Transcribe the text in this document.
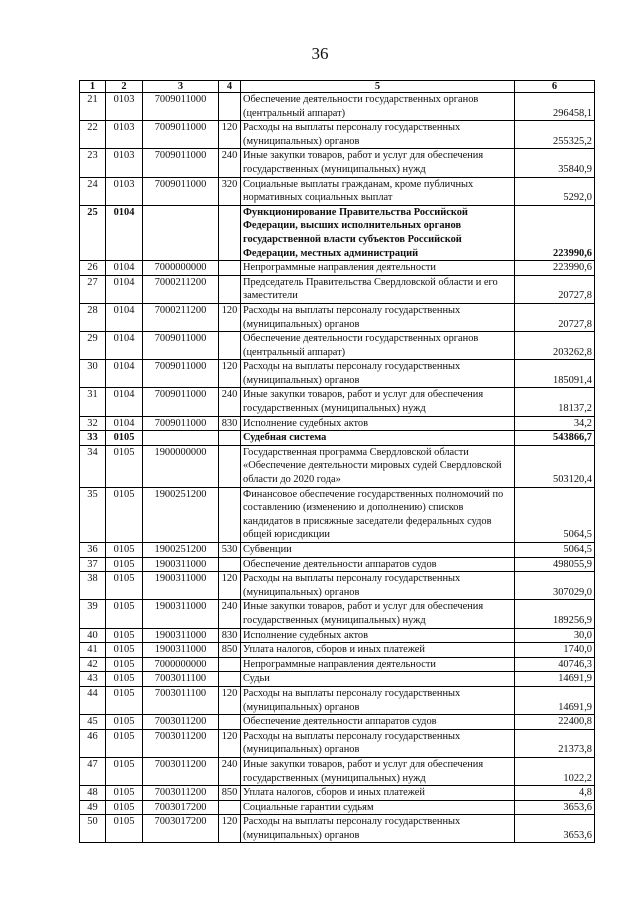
36
1	2	3	4	5	6
21	0103	7009011000		Обеспечение деятельности государственных органов (центральный аппарат)	296458,1
22	0103	7009011000	120	Расходы на выплаты персоналу государственных (муниципальных) органов	255325,2
23	0103	7009011000	240	Иные закупки товаров, работ и услуг для обеспечения государственных (муниципальных) нужд	35840,9
24	0103	7009011000	320	Социальные выплаты гражданам, кроме публичных нормативных социальных выплат	5292,0
25	0104			Функционирование Правительства Российской Федерации, высших исполнительных органов государственной власти субъектов Российской Федерации, местных администраций	223990,6
26	0104	7000000000		Непрограммные направления деятельности	223990,6
27	0104	7000211200		Председатель Правительства Свердловской области и его заместители	20727,8
28	0104	7000211200	120	Расходы на выплаты персоналу государственных (муниципальных) органов	20727,8
29	0104	7009011000		Обеспечение деятельности государственных органов (центральный аппарат)	203262,8
30	0104	7009011000	120	Расходы на выплаты персоналу государственных (муниципальных) органов	185091,4
31	0104	7009011000	240	Иные закупки товаров, работ и услуг для обеспечения государственных (муниципальных) нужд	18137,2
32	0104	7009011000	830	Исполнение судебных актов	34,2
33	0105			Судебная система	543866,7
34	0105	1900000000		Государственная программа Свердловской области «Обеспечение деятельности мировых судей Свердловской области до 2020 года»	503120,4
35	0105	1900251200		Финансовое обеспечение государственных полномочий по составлению (изменению и дополнению) списков кандидатов в присяжные заседатели федеральных судов общей юрисдикции	5064,5
36	0105	1900251200	530	Субвенции	5064,5
37	0105	1900311000		Обеспечение деятельности аппаратов судов	498055,9
38	0105	1900311000	120	Расходы на выплаты персоналу государственных (муниципальных) органов	307029,0
39	0105	1900311000	240	Иные закупки товаров, работ и услуг для обеспечения государственных (муниципальных) нужд	189256,9
40	0105	1900311000	830	Исполнение судебных актов	30,0
41	0105	1900311000	850	Уплата налогов, сборов и иных платежей	1740,0
42	0105	7000000000		Непрограммные направления деятельности	40746,3
43	0105	7003011100		Судьи	14691,9
44	0105	7003011100	120	Расходы на выплаты персоналу государственных (муниципальных) органов	14691,9
45	0105	7003011200		Обеспечение деятельности аппаратов судов	22400,8
46	0105	7003011200	120	Расходы на выплаты персоналу государственных (муниципальных) органов	21373,8
47	0105	7003011200	240	Иные закупки товаров, работ и услуг для обеспечения государственных (муниципальных) нужд	1022,2
48	0105	7003011200	850	Уплата налогов, сборов и иных платежей	4,8
49	0105	7003017200		Социальные гарантии судьям	3653,6
50	0105	7003017200	120	Расходы на выплаты персоналу государственных (муниципальных) органов	3653,6
